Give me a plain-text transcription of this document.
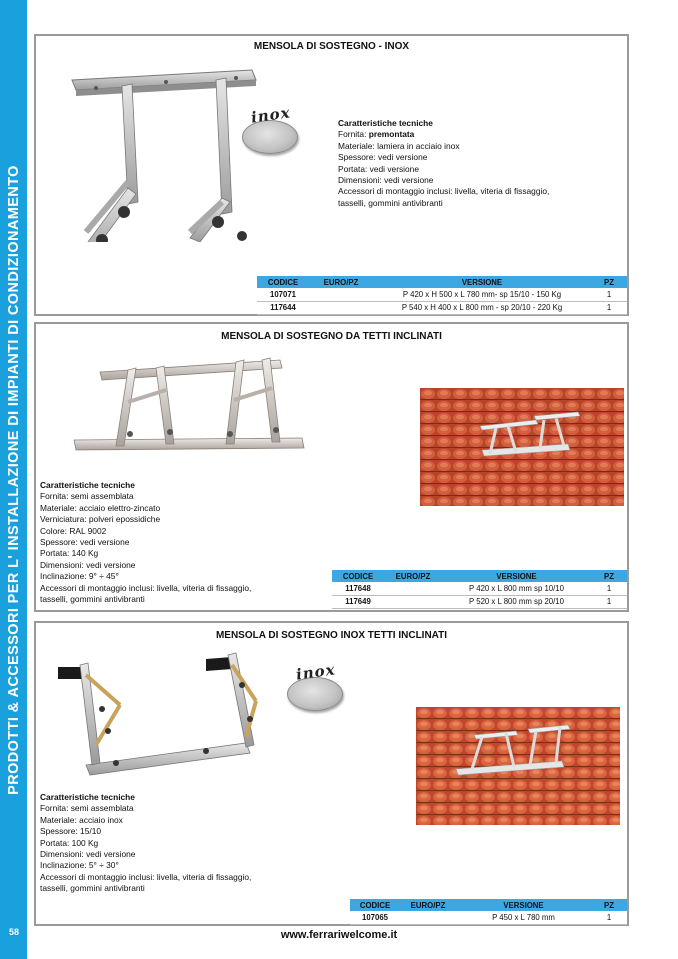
PRODOTTI & ACCESSORI PER L' INSTALLAZIONE DI IMPIANTI DI CONDIZIONAMENTO
58
MENSOLA DI SOSTEGNO - INOX
inox	Caratteristiche tecniche
Fornita: premontata
Materiale: lamiera in acciaio inox
Spessore: vedi versione
Portata: vedi versione
Dimensioni: vedi versione
Accessori di montaggio inclusi: livella, viteria di fissaggio,
tasselli, gommini antivibranti
CODICE	EURO/PZ	VERSIONE	PZ
107071		P 420 x H 500 x L 780 mm- sp 15/10 - 150 Kg	1
117644		P 540 x H 400 x L 800 mm - sp 20/10 - 220 Kg	1
MENSOLA DI SOSTEGNO DA TETTI INCLINATI
Caratteristiche tecniche
Fornita: semi assemblata
Materiale: acciaio elettro-zincato
Verniciatura: polveri epossidiche
Colore: RAL 9002
Spessore: vedi versione
Portata: 140 Kg
Dimensioni: vedi versione
Inclinazione: 9° ÷ 45°
Accessori di montaggio inclusi: livella, viteria di fissaggio,
tasselli, gommini antivibranti
CODICE	EURO/PZ	VERSIONE	PZ
117648		P 420 x L 800 mm sp 10/10	1
117649		P 520 x L 800 mm sp 20/10	1
MENSOLA DI SOSTEGNO INOX TETTI INCLINATI
inox
Caratteristiche tecniche
Fornita: semi assemblata
Materiale: acciaio inox
Spessore: 15/10
Portata: 100 Kg
Dimensioni: vedi versione
Inclinazione: 5° ÷ 30°
Accessori di montaggio inclusi: livella, viteria di fissaggio,
tasselli, gommini antivibranti
CODICE	EURO/PZ	VERSIONE	PZ
107065		P 450 x L 780 mm	1
www.ferrariwelcome.it
